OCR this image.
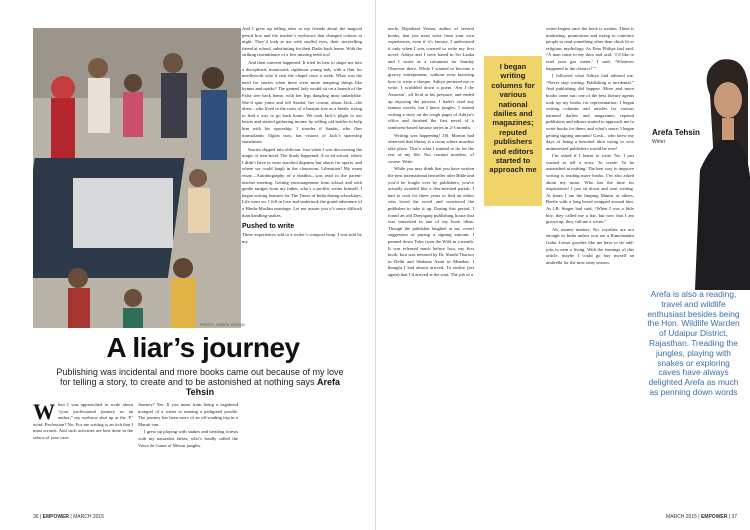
PHOTO: AREFA TEHSIN

And I grew up telling tales to my friends about the magical pencil box and the teacher’s eyebrows that changed colours at night. They’d look at me with soulful eyes, their storytelling friend at school, substituting for their Dadis back home. With the striking resemblance of a few missing teeth too!

And then convent happened. It tried its best to shape me into a disciplined, manicured, righteous young lady with a flair for needlework who’d visit the chapel once a week. What was the need for stories when there were more tempting things like hymns and marks? The genteel lady would sit on a branch of the False tree back home, with her legs dangling most unladylike. She’d spin yarns and tell Saadat, her cousin, about Jack—the alien—who lived in the roots of a banyan tree as a beetle, trying to find a way to go back home. We took Jack’s plight to our hearts and started gathering money by selling old bottles to help him with his spaceship. I wonder if Saadat, who flies transatlantic flights now, has visions of Jack’s spaceship sometimes.

Stories slipped into oblivion. Just when I was discovering the magic of teen-hood. The Study happened. A co-ed school, where I didn’t have to wear starched dupattas but shorts for sports, and where we could laugh in the classroom. Liberation! My exam essay—Autobiography of a dustbin—was read in the parent-teacher meeting. Getting encouragement from school and with gentle nudges from my father, who’s a prolific writer himself, I began writing features for The Times of India during schooldays. Life went on. I fell in love and undertook the grand adventure of a Hindu-Muslim marriage. Let me assure you it’s more difficult than handling snakes.

Pushed to write

These experiences add to a writer’s compost heap. I was told by my

A liar’s journey
Publishing was incidental and more books came out because of my love for telling a story, to create and to be astonished at nothing says Arefa Tehsin
W hen I was approached to write about “your professional journey as an author,” my eyebrow shot up at the ‘P’ word. Profession? No. For me writing is an itch that I must scratch. And such activities are best done in the solace of your cave.

Journey? Yes. If you mean from being a vagabond mongrel of a writer to nearing a pedigreed poodle. The journey has been more of an off-roading trip in a Maruti van.

I grew up playing with snakes and treading forests with my naturalist father, who’s fondly called the Vasco de Gama of Mewar jungles.

36 | EMPOWER | MARCH 2015

uncle, Rajnikant Verma, author of several books, that you must write from your own experiences, even if it’s fantasy. I understood it only when I was coerced to write my first novel. Aditya and I were based in Sri Lanka and I wrote as a columnist for Sunday Observer there. While I wanted to become a groovy entrepreneur, without even knowing how to write a cheque, Aditya pestered me to write. I scribbled down a poem ‘Am I the Assassin’, all livid at his pressure, and ended up enjoying the process. I hadn’t read any fantasy novels, but I knew jungles. I started writing a story on the rough pages of Aditya’s office and finished the first novel of a rainforest-based fantasy series in 2-3 months.

Writing was happening! J.B. Morton had observed that library is a room where murders take place. That’s what I wanted to do for the rest of my life. Not commit murders, of course. Write.

While you may think that you have written the next international bestseller after Bible and you’d be fought over by publishers, you’re actually avoided like a flea-infested pariah. I had to wait for three years to find an editor who loved the novel and convinced the publisher to take it up. During this period, I found an old Daryaganj publishing house that was interested in one of my book ideas. Though the publisher laughed at my covert suggestion of paying a signing amount, I penned down Tales from the Wild in a month. It was released much before Iora, my first book. Iora was released by Dr. Shashi Tharoor in Delhi and Shabana Azmi in Mumbai. I thought I had almost arrived. To realise (yet again) that I’d arrived at the start. The job of a

I began writing columns for various national dailies and magazines; reputed publishers and editors started to approach me

writer begins once the book is written. There is marketing, promotions and trying to convince people to read something other than chick lit or religious mythology. As Emo Philips had said, “A man came to my door and said, ‘I’d like to read your gas meter.’ I said, ‘Whatever happened to the classics?’”

I followed what Aditya had advised me. “Never stop writing. Publishing is incidental.” And publishing did happen. More and more books came out; one of the best literary agents took up my books for representation; I began writing columns and articles for various national dailies and magazines; reputed publishers and editors started to approach me to write books for them; and what’s more, I began getting signing amounts! Gosh... who knew my days of being a besotted idiot trying to woo uninterested publishers would be over!

I’m asked if I learnt to write. No. I just wanted to tell a story. To create. To be astonished at nothing. The best way to improve writing is reading more books. I’m also asked about my muse. Who has the time for inspirations! I just sit down and start writing. At times I am the limping Munia, at others, Beetle with a long beard wrapped around him. As I.B. Singer had said, “When I was a little boy, they called me a liar, but now that I am grown up, they call me a writer.”

Ah, money matters. No, royalties are not enough in India unless you are a Ramchandra Guha. Lesser goodies like me have to do odd-jobs to earn a living. With the earnings of this article, maybe I could go buy myself an umbrella for the next rainy season.

Arefa Tehsin
Writer
Arefa is also a reading, travel and wildlife enthusiast besides being the Hon. Wildlife Warden of Udaipur District, Rajasthan. Treading the jungles, playing with snakes or exploring caves have always delighted Arefa as much as penning down words
MARCH 2015 | EMPOWER | 37
